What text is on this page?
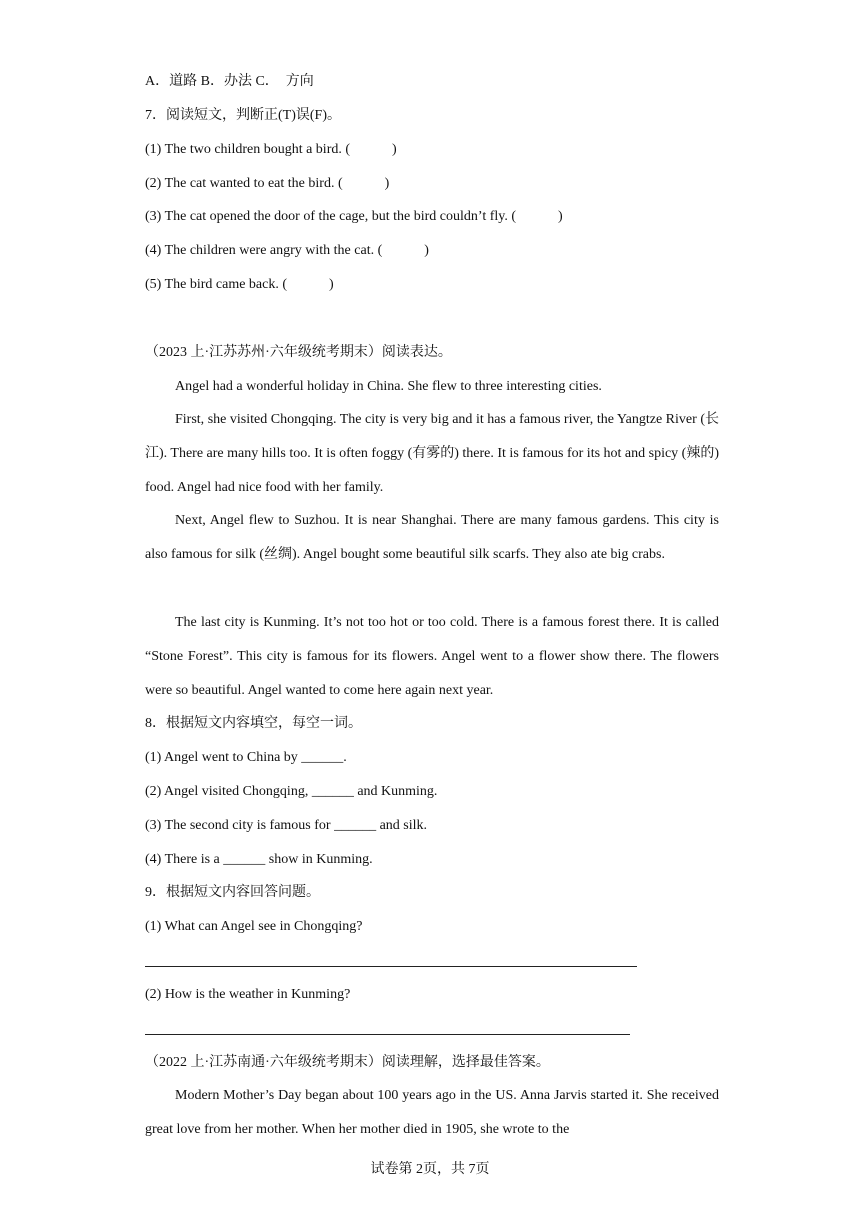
A．道路 B．办法 C．　方向
7．阅读短文，判断正(T)误(F)。
(1) The two children bought a bird. (　　　)
(2) The cat wanted to eat the bird. (　　　)
(3) The cat opened the door of the cage, but the bird couldn’t fly. (　　　)
(4) The children were angry with the cat. (　　　)
(5) The bird came back. (　　　)
（2023 上·江苏苏州·六年级统考期末）阅读表达。
Angel had a wonderful holiday in China. She flew to three interesting cities.

First, she visited Chongqing. The city is very big and it has a famous river, the Yangtze River (长江). There are many hills too. It is often foggy (有雾的) there. It is famous for its hot and spicy (辣的) food. Angel had nice food with her family.

Next, Angel flew to Suzhou. It is near Shanghai. There are many famous gardens. This city is also famous for silk (丝绸). Angel bought some beautiful silk scarfs. They also ate big crabs.

The last city is Kunming. It’s not too hot or too cold. There is a famous forest there. It is called “Stone Forest”. This city is famous for its flowers. Angel went to a flower show there. The flowers were so beautiful. Angel wanted to come here again next year.

8．根据短文内容填空，每空一词。
(1) Angel went to China by ______.
(2) Angel visited Chongqing, ______ and Kunming.
(3) The second city is famous for ______ and silk.
(4) There is a ______ show in Kunming.
9．根据短文内容回答问题。
(1) What can Angel see in Chongqing?
(2) How is the weather in Kunming?
（2022 上·江苏南通·六年级统考期末）阅读理解，选择最佳答案。

Modern Mother’s Day began about 100 years ago in the US. Anna Jarvis started it. She received great love from her mother. When her mother died in 1905, she wrote to the

试卷第 2页，共 7页
